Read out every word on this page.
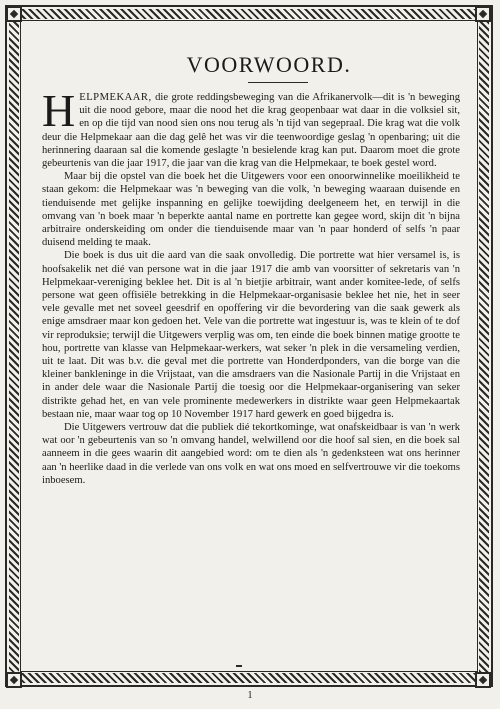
VOORWOORD.

HELPMEKAAR, die grote reddingsbeweging van die Afrikanervolk—dit is 'n beweging uit die nood gebore, maar die nood het die krag geopenbaar wat daar in die volksiel sit, en op die tijd van nood sien ons nou terug als 'n tijd van segepraal. Die krag wat die volk deur die Helpmekaar aan die dag gelê het was vir die teenwoordige geslag 'n openbaring; uit die herinnering daaraan sal die komende geslagte 'n besielende krag kan put. Daarom moet die grote gebeurtenis van die jaar 1917, die jaar van die krag van die Helpmekaar, te boek gestel word.

Maar bij die opstel van die boek het die Uitgewers voor een onoorwinnelike moeilikheid te staan gekom: die Helpmekaar was 'n beweging van die volk, 'n beweging waaraan duisende en tienduisende met gelijke inspanning en gelijke toewijding deelgeneem het, en terwijl in die omvang van 'n boek maar 'n beperkte aantal name en portrette kan gegee word, skijn dit 'n bijna arbitraire onderskeiding om onder die tienduisende maar van 'n paar honderd of selfs 'n paar duisend melding te maak.

Die boek is dus uit die aard van die saak onvolledig. Die portrette wat hier versamel is, is hoofsakelik net dié van persone wat in die jaar 1917 die amb van voorsitter of sekretaris van 'n Helpmekaar-vereniging beklee het. Dit is al 'n bietjie arbitrair, want ander komitee-lede, of selfs persone wat geen offisiële betrekking in die Helpmekaar-organisasie beklee het nie, het in seer vele gevalle met net soveel geesdrif en opoffering vir die bevordering van die saak gewerk als enige amsdraer maar kon gedoen het. Vele van die portrette wat ingestuur is, was te klein of te dof vir reproduksie; terwijl die Uitgewers verplig was om, ten einde die boek binnen matige grootte te hou, portrette van klasse van Helpmekaar-werkers, wat seker 'n plek in die versameling verdien, uit te laat. Dit was b.v. die geval met die portrette van Honderdponders, van die borge van die kleiner bankleninge in die Vrijstaat, van die amsdraers van die Nasionale Partij in die Vrijstaat en in ander dele waar die Nasionale Partij die toesig oor die Helpmekaar-organisering van seker distrikte gehad het, en van vele prominente medewerkers in distrikte waar geen Helpmekaartak bestaan nie, maar waar tog op 10 November 1917 hard gewerk en goed bijgedra is.

Die Uitgewers vertrouw dat die publiek dié tekortkominge, wat onafskeidbaar is van 'n werk wat oor 'n gebeurtenis van so 'n omvang handel, welwillend oor die hoof sal sien, en die boek sal aanneem in die gees waarin dit aangebied word: om te dien als 'n gedenksteen wat ons herinner aan 'n heerlike daad in die verlede van ons volk en wat ons moed en selfvertrouwe vir die toekoms inboesem.

1
